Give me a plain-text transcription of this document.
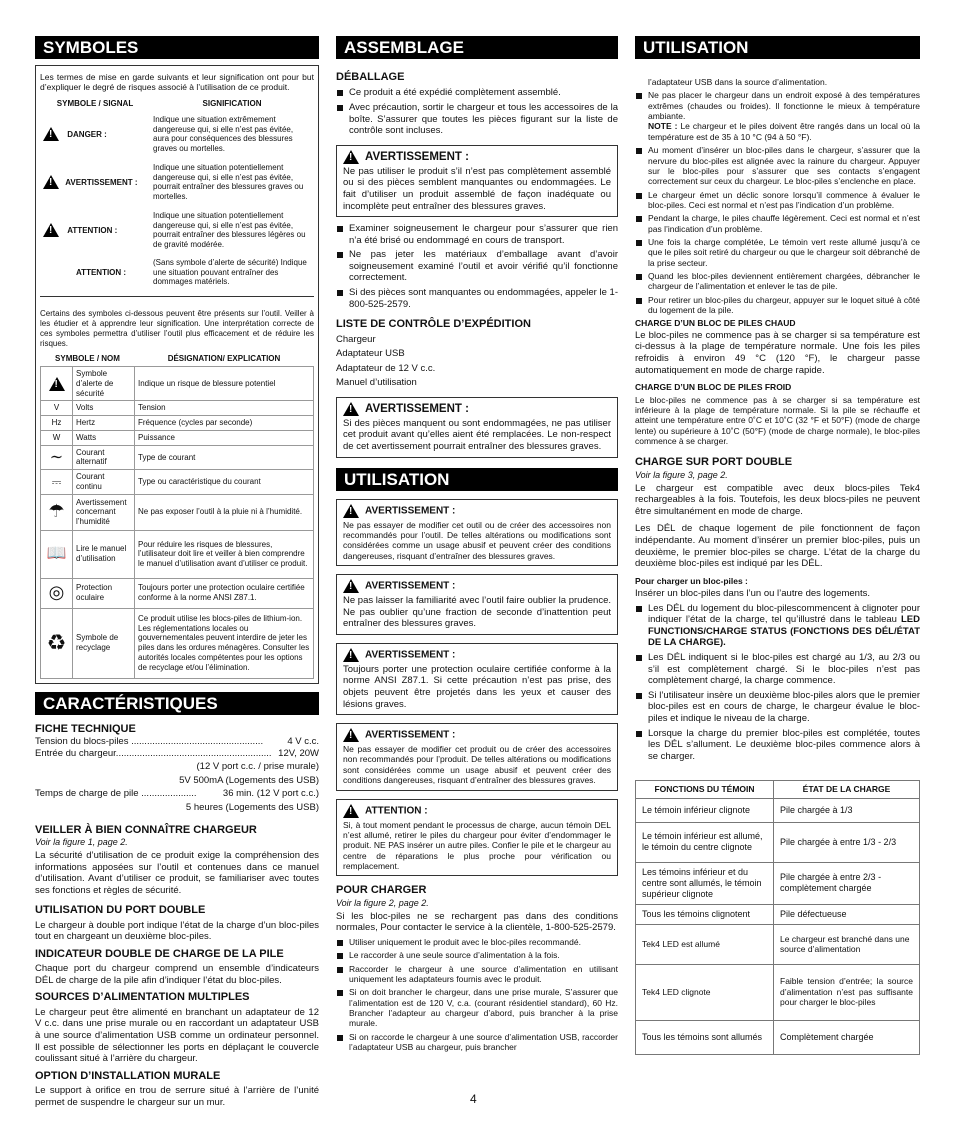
SYMBOLES

Les termes de mise en garde suivants et leur signification ont pour but d’expliquer le degré de risques associé à l’utilisation de ce produit.

SYMBOLE / SIGNAL	SIGNIFICATION
! DANGER :	Indique une situation extrêmement dangereuse qui, si elle n’est pas évitée, aura pour conséquences des blessures graves ou mortelles.
! AVERTISSEMENT :	Indique une situation potentiellement dangereuse qui, si elle n’est pas évitée, pourrait entraîner des blessures graves ou mortelles.
! ATTENTION :	Indique une situation potentiellement dangereuse qui, si elle n’est pas évitée, pourrait entraîner des blessures légères ou de gravité modérée.
ATTENTION :	(Sans symbole d’alerte de sécurité) Indique une situation pouvant entraîner des dommages matériels.

Certains des symboles ci-dessous peuvent être présents sur l’outil. Veiller à les étudier et à apprendre leur signification. Une interprétation correcte de ces symboles permettra d’utiliser l’outil plus efficacement et de réduire les risques.

SYMBOLE / NOM		DÉSIGNATION/ EXPLICATION
!	Symbole d’alerte de sécurité	Indique un risque de blessure potentiel
V	Volts	Tension
Hz	Hertz	Fréquence (cycles par seconde)
W	Watts	Puissance
∼	Courant alternatif	Type de courant
⎓	Courant continu	Type ou caractéristique du courant
☂	Avertissement concernant l’humidité	Ne pas exposer l’outil à la pluie ni à l’humidité.
📖	Lire le manuel d’utilisation	Pour réduire les risques de blessures, l’utilisateur doit lire et veiller à bien comprendre le manuel d’utilisation avant d’utiliser ce produit.
◎	Protection oculaire	Toujours porter une protection oculaire certifiée conforme à la norme ANSI Z87.1.
♻	Symbole de recyclage	Ce produit utilise les blocs-piles de lithium-ion. Les réglementations locales ou gouvernementales peuvent interdire de jeter les piles dans les ordures ménagères. Consulter les autorités locales compétentes pour les options de recyclage et/ou l’élimination.
CARACTÉRISTIQUES
FICHE TECHNIQUE
Tension du blocs-piles ..................................................	4 V c.c.
Entrée du chargeur........................................................... 12V, 20W
(12 V port c.c. / prise murale)
5V 500mA (Logements des USB)
Temps de charge de pile .....................	36 min. (12 V port c.c.)
5 heures (Logements des USB)
VEILLER À BIEN CONNAÎTRE CHARGEUR
Voir la figure 1, page 2.

La sécurité d’utilisation de ce produit exige la compréhension des informations apposées sur l’outil et contenues dans ce manuel d’utilisation. Avant d’utiliser ce produit, se familiariser avec toutes ses fonctions et règles de sécurité.

UTILISATION DU PORT DOUBLE

Le chargeur à double port indique l’état de la charge d’un bloc-piles tout en chargeant un deuxième bloc-piles.

INDICATEUR DOUBLE DE CHARGE DE LA PILE

Chaque port du chargeur comprend un ensemble d’indicateurs DÉL de charge de la pile afin d’indiquer l’état du bloc-piles.

SOURCES D’ALIMENTATION MULTIPLES

Le chargeur peut être alimenté en branchant un adaptateur de 12 V c.c. dans une prise murale ou en raccordant un adaptateur USB à une source d’alimentation USB comme un ordinateur personnel. Il est possible de sélectionner les ports en déplaçant le couvercle coulissant situé à l’arrière du chargeur.

OPTION D’INSTALLATION MURALE

Le support à orifice en trou de serrure situé à l’arrière de l’unité permet de suspendre le chargeur sur un mur.

ASSEMBLAGE
DÉBALLAGE
Ce produit a été expédié complètement assemblé.
Avec précaution, sortir le chargeur et tous les accessoires de la boîte. S’assurer que toutes les pièces figurant sur la liste de contrôle sont incluses.
!AVERTISSEMENT :

Ne pas utiliser le produit s’il n’est pas complètement assemblé ou si des pièces semblent manquantes ou endommagées. Le fait d’utiliser un produit assemblé de façon inadéquate ou incomplète peut entraîner des blessures graves.

Examiner soigneusement le chargeur pour s’assurer que rien n’a été brisé ou endommagé en cours de transport.
Ne pas jeter les matériaux d’emballage avant d’avoir soigneusement examiné l’outil et avoir vérifié qu’il fonctionne correctement.
Si des pièces sont manquantes ou endommagées, appeler le 1-800-525-2579.
LISTE DE CONTRÔLE D’EXPÉDITION
Chargeur
Adaptateur USB
Adaptateur de 12 V c.c.
Manuel d’utilisation
!AVERTISSEMENT :

Si des pièces manquent ou sont endommagées, ne pas utiliser cet produit avant qu’elles aient été remplacées. Le non-respect de cet avertissement pourrait entraîner des blessures graves.

UTILISATION
!AVERTISSEMENT :

Ne pas essayer de modifier cet outil ou de créer des accessoires non recommandés pour l’outil. De telles altérations ou modifications sont considérées comme un usage abusif et peuvent créer des conditions dangereuses, risquant d’entraîner des blessures graves.

!AVERTISSEMENT :

Ne pas laisser la familiarité avec l’outil faire oublier la prudence. Ne pas oublier qu’une fraction de seconde d’inattention peut entraîner des blessures graves.

!AVERTISSEMENT :

Toujours porter une protection oculaire certifiée conforme à la norme ANSI Z87.1. Si cette précaution n’est pas prise, des objets peuvent être projetés dans les yeux et causer des lésions graves.

!AVERTISSEMENT :

Ne pas essayer de modifier cet produit ou de créer des accessoires non recommandés pour l’produit. De telles altérations ou modifications sont considérées comme un usage abusif et peuvent créer des conditions dangereuses, risquant d’entraîner des blessures graves.

!ATTENTION :

Si, à tout moment pendant le processus de charge, aucun témoin DEL n’est allumé, retirer le piles du chargeur pour éviter d’endommager le produit. NE PAS insérer un autre piles. Confier le pile et le chargeur au centre de réparations le plus proche pour vérification ou remplacement.

POUR CHARGER
Voir la figure 2, page 2.

Si les bloc-piles ne se rechargent pas dans des conditions normales, Pour contacter le service à la clientèle, 1-800-525-2579.

Utiliser uniquement le produit avec le bloc-piles recommandé.
Le raccorder à une seule source d’alimentation à la fois.
Raccorder le chargeur à une source d’alimentation en utilisant uniquement les adaptateurs fournis avec le produit.
Si on doit brancher le chargeur, dans une prise murale, S’assurer que l’alimentation est de 120 V, c.a. (courant résidentiel standard), 60 Hz. Brancher l’adapteur au chargeur d’abord, puis brancher à la prise murale.
Si on raccorde le chargeur à une source d’alimentation USB, raccorder l’adaptateur USB au chargeur, puis brancher
UTILISATION
l’adaptateur USB dans la source d’alimentation.
Ne pas placer le chargeur dans un endroit exposé à des températures extrêmes (chaudes ou froides). Il fonctionne le mieux à température ambiante.
NOTE : Le chargeur et le piles doivent être rangés dans un local où la température est de 35 à 10 °C (94 à 50 °F).
Au moment d’insérer un bloc-piles dans le chargeur, s’assurer que la nervure du bloc-piles est alignée avec la rainure du chargeur. Appuyer sur le bloc-piles pour s’assurer que ses contacts s’engagent correctement sur ceux du chargeur. Le bloc-piles s’enclenche en place.
Le chargeur émet un déclic sonore lorsqu’il commence à évaluer le bloc-piles. Ceci est normal et n’est pas l’indication d’un problème.
Pendant la charge, le piles chauffe légèrement. Ceci est normal et n’est pas l’indication d’un problème.
Une fois la charge complétée, Le témoin vert reste allumé jusqu’à ce que le piles soit retiré du chargeur ou que le chargeur soit débranché de la prise secteur.
Quand les bloc-piles deviennent entièrement chargées, débrancher le chargeur de l’alimentation et enlever le tas de pile.
Pour retirer un bloc-piles du chargeur, appuyer sur le loquet situé à côté du logement de la pile.
CHARGE D’UN BLOC DE PILES CHAUD

Le bloc-piles ne commence pas à se charger si sa température est ci-dessus à la plage de température normale. Une fois les piles refroidis à environ 49 °C (120 °F), le chargeur passe automatiquement en mode de charge rapide.

CHARGE D’UN BLOC DE PILES FROID

Le bloc-piles ne commence pas à se charger si sa température est inférieure à la plage de température normale. Si la pile se réchauffe et atteint une température entre 0˚C et 10˚C (32 °F et 50°F) (mode de charge lente) ou supérieure à 10˚C (50°F) (mode de charge normale), le bloc-piles commence à se charger.

CHARGE SUR PORT DOUBLE
Voir la figure 3, page 2.

Le chargeur est compatible avec deux blocs-piles Tek4 rechargeables à la fois. Toutefois, les deux blocs-piles ne peuvent être simultanément en mode de charge.

Les DÉL de chaque logement de pile fonctionnent de façon indépendante. Au moment d’insérer un premier bloc-piles, puis un deuxième, le premier bloc-piles se charge. L’état de la charge du deuxième bloc-piles est indiqué par les DÉL.

Pour charger un bloc-piles :

Insérer un bloc-piles dans l’un ou l’autre des logements.

Les DÉL du logement du bloc-pilescommencent à clignoter pour indiquer l’état de la charge, tel qu’illustré dans le tableau LED FUNCTIONS/CHARGE STATUS (FONCTIONS DES DÉL/ÉTAT DE LA CHARGE).
Les DÉL indiquent si le bloc-piles est chargé au 1/3, au 2/3 ou s’il est complètement chargé. Si le bloc-piles n’est pas complètement chargé, la charge commence.
Si l’utilisateur insère un deuxième bloc-piles alors que le premier bloc-piles est en cours de charge, le chargeur évalue le bloc-piles et indique le niveau de la charge.
Lorsque la charge du premier bloc-piles est complétée, toutes les DÉL s’allument. Le deuxième bloc-piles commence alors à se charger.
FONCTIONS DU TÉMOIN	ÉTAT DE LA CHARGE
Le témoin inférieur clignote	Pile chargée à 1/3
Le témoin inférieur est allumé, le témoin du centre clignote	Pile chargée à entre 1/3 - 2/3
Les témoins inférieur et du centre sont allumés, le témoin supérieur clignote	Pile chargée à entre 2/3 - complètement chargée
Tous les témoins clignotent	Pile défectueuse
Tek4 LED est allumé	Le chargeur est branché dans une source d’alimentation
Tek4 LED clignote	Faible tension d’entrée; la source d’alimentation n’est pas suffisante pour charger le bloc-piles
Tous les témoins sont allumés	Complètement chargée
4
